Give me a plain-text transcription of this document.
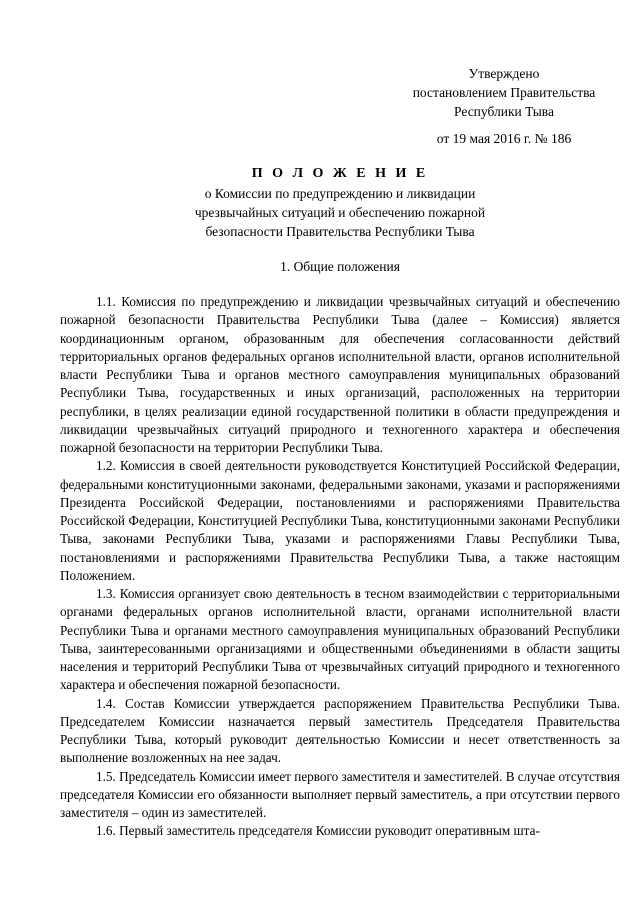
Утверждено
постановлением Правительства
Республики Тыва
от 19 мая 2016 г. № 186
П О Л О Ж Е Н И Е
о Комиссии по предупреждению и ликвидации
чрезвычайных ситуаций и обеспечению пожарной
безопасности Правительства Республики Тыва
1. Общие положения

1.1. Комиссия по предупреждению и ликвидации чрезвычайных ситуаций и обеспечению пожарной безопасности Правительства Республики Тыва (далее – Комиссия) является координационным органом, образованным для обеспечения согласованности действий территориальных органов федеральных органов исполнительной власти, органов исполнительной власти Республики Тыва и органов местного самоуправления муниципальных образований Республики Тыва, государственных и иных организаций, расположенных на территории республики, в целях реализации единой государственной политики в области предупреждения и ликвидации чрезвычайных ситуаций природного и техногенного характера и обеспечения пожарной безопасности на территории Республики Тыва.

1.2. Комиссия в своей деятельности руководствуется Конституцией Российской Федерации, федеральными конституционными законами, федеральными законами, указами и распоряжениями Президента Российской Федерации, постановлениями и распоряжениями Правительства Российской Федерации, Конституцией Республики Тыва, конституционными законами Республики Тыва, законами Республики Тыва, указами и распоряжениями Главы Республики Тыва, постановлениями и распоряжениями Правительства Республики Тыва, а также настоящим Положением.

1.3. Комиссия организует свою деятельность в тесном взаимодействии с территориальными органами федеральных органов исполнительной власти, органами исполнительной власти Республики Тыва и органами местного самоуправления муниципальных образований Республики Тыва, заинтересованными организациями и общественными объединениями в области защиты населения и территорий Республики Тыва от чрезвычайных ситуаций природного и техногенного характера и обеспечения пожарной безопасности.

1.4. Состав Комиссии утверждается распоряжением Правительства Республики Тыва. Председателем Комиссии назначается первый заместитель Председателя Правительства Республики Тыва, который руководит деятельностью Комиссии и несет ответственность за выполнение возложенных на нее задач.

1.5. Председатель Комиссии имеет первого заместителя и заместителей. В случае отсутствия председателя Комиссии его обязанности выполняет первый заместитель, а при отсутствии первого заместителя – один из заместителей.

1.6. Первый заместитель председателя Комиссии руководит оперативным шта-
